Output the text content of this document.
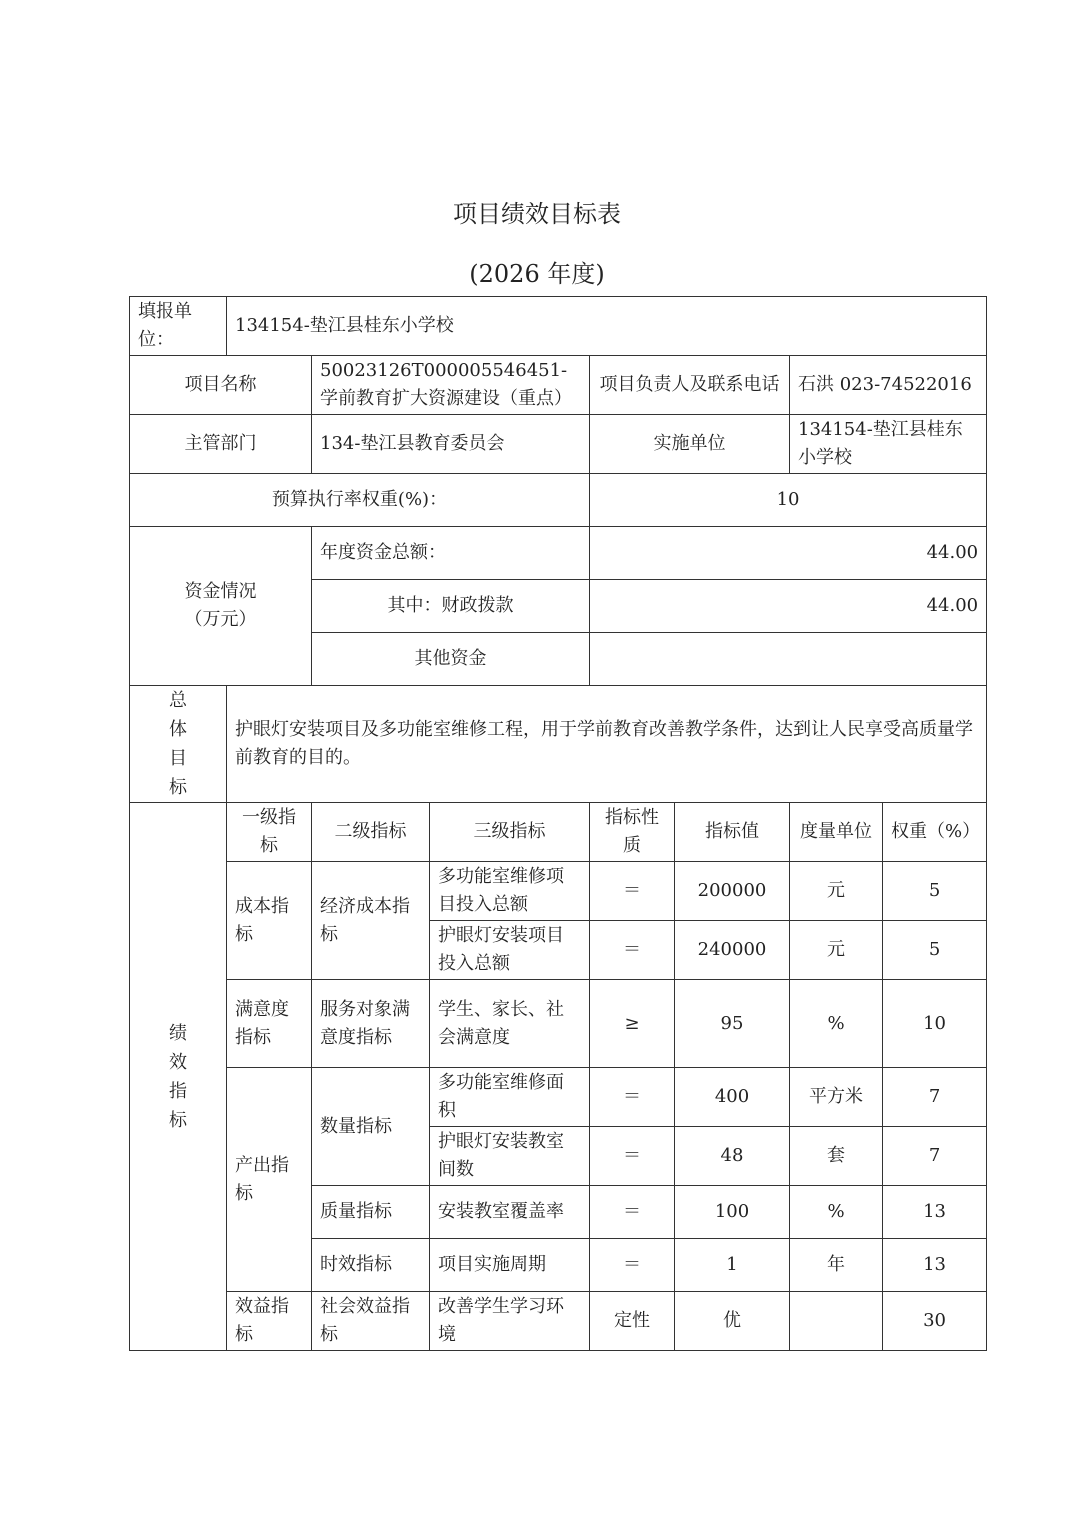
项目绩效目标表
(2026 年度)
填报单位：	134154-垫江县桂东小学校						
项目名称		50023126T000005546451-学前教育扩大资源建设（重点）		项目负责人及联系电话		石洪 023-74522016	
主管部门		134-垫江县教育委员会		实施单位		134154-垫江县桂东小学校	
预算执行率权重(%)：				10			

资金情况
（万元）		年度资金总额：		44.00			
		其中：财政拨款		44.00			
		其他资金					

总
体
目
标	护眼灯安装项目及多功能室维修工程，用于学前教育改善教学条件，达到让人民享受高质量学前教育的目的。						

绩
效
指
标	一级指标	二级指标	三级指标	指标性质	指标值	度量单位	权重（%）
	成本指标	经济成本指标	多功能室维修项目投入总额	＝	200000	元	5
			护眼灯安装项目投入总额	＝	240000	元	5
	满意度指标	服务对象满意度指标	学生、家长、社会满意度	≥	95	%	10
	产出指标	数量指标	多功能室维修面积	＝	400	平方米	7
			护眼灯安装教室间数	＝	48	套	7
		质量指标	安装教室覆盖率	＝	100	%	13
		时效指标	项目实施周期	＝	1	年	13
	效益指标	社会效益指标	改善学生学习环境	定性	优		30
